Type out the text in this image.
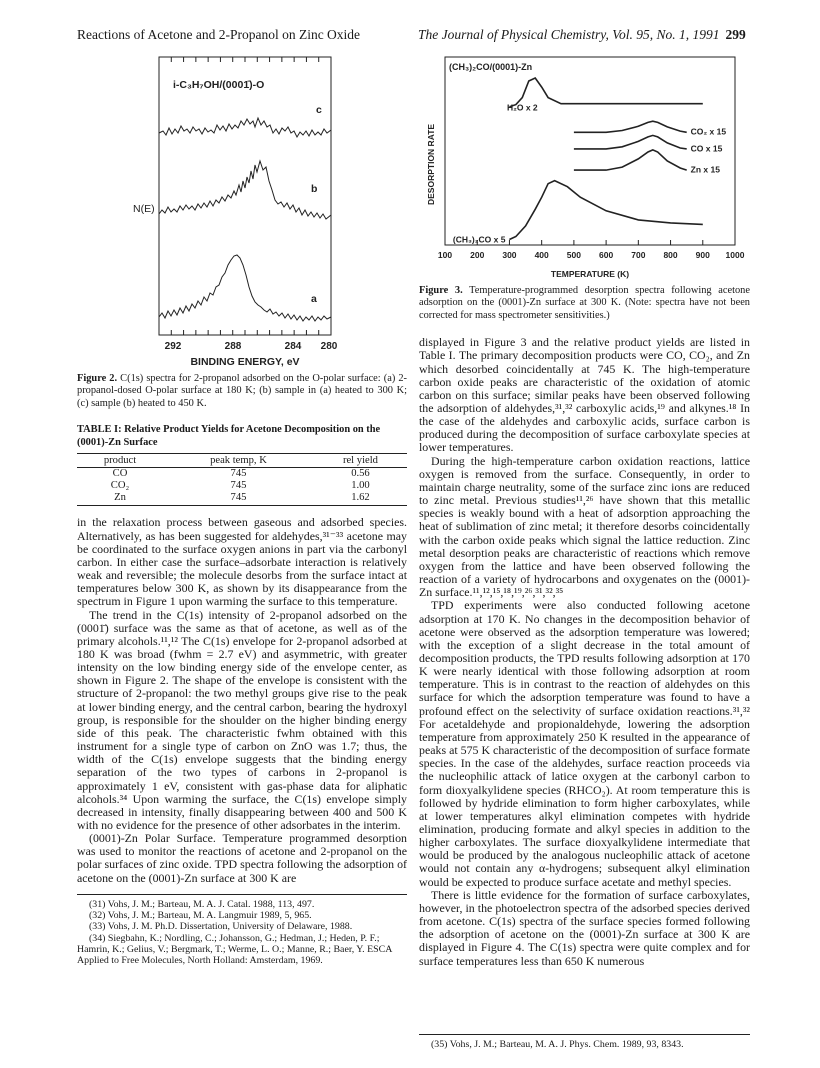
Reactions of Acetone and 2-Propanol on Zinc Oxide	The Journal of Physical Chemistry, Vol. 95, No. 1, 1991 299
i-C₃H₇OH/(0001̄)-O
N(E)
c
b
a
292	288	284 280
BINDING ENERGY, eV
Figure 2. C(1s) spectra for 2-propanol adsorbed on the O-polar surface: (a) 2-propanol-dosed O-polar surface at 180 K; (b) sample in (a) heated to 300 K; (c) sample (b) heated to 450 K.
TABLE I: Relative Product Yields for Acetone Decomposition on the (0001)-Zn Surface
product	peak temp, K	rel yield
CO	745	0.56
CO₂	745	1.00
Zn	745	1.62

in the relaxation process between gaseous and adsorbed species. Alternatively, as has been suggested for aldehydes,³¹⁻³³ acetone may be coordinated to the surface oxygen anions in part via the carbonyl carbon. In either case the surface–adsorbate interaction is relatively weak and reversible; the molecule desorbs from the surface intact at temperatures below 300 K, as shown by its disappearance from the spectrum in Figure 1 upon warming the surface to this temperature.

The trend in the C(1s) intensity of 2-propanol adsorbed on the (0001̄) surface was the same as that of acetone, as well as of the primary alcohols.¹¹,¹² The C(1s) envelope for 2-propanol adsorbed at 180 K was broad (fwhm = 2.7 eV) and asymmetric, with greater intensity on the low binding energy side of the envelope center, as shown in Figure 2. The shape of the envelope is consistent with the structure of 2-propanol: the two methyl groups give rise to the peak at lower binding energy, and the central carbon, bearing the hydroxyl group, is responsible for the shoulder on the higher binding energy side of this peak. The characteristic fwhm obtained with this instrument for a single type of carbon on ZnO was 1.7; thus, the width of the C(1s) envelope suggests that the binding energy separation of the two types of carbons in 2-propanol is approximately 1 eV, consistent with gas-phase data for aliphatic alcohols.³⁴ Upon warming the surface, the C(1s) envelope simply decreased in intensity, finally disappearing between 400 and 500 K with no evidence for the presence of other adsorbates in the interim.

(0001)-Zn Polar Surface. Temperature programmed desorption was used to monitor the reactions of acetone and 2-propanol on the polar surfaces of zinc oxide. TPD spectra following the adsorption of acetone on the (0001)-Zn surface at 300 K are

(31) Vohs, J. M.; Barteau, M. A. J. Catal. 1988, 113, 497.
(32) Vohs, J. M.; Barteau, M. A. Langmuir 1989, 5, 965.
(33) Vohs, J. M. Ph.D. Dissertation, University of Delaware, 1988.
(34) Siegbahn, K.; Nordling, C.; Johansson, G.; Hedman, J.; Heden, P. F.; Hamrin, K.; Gelius, V.; Bergmark, T.; Werme, L. O.; Manne, R.; Baer, Y. ESCA Applied to Free Molecules, North Holland: Amsterdam, 1969.
(CH₃)₂CO/(0001)-Zn
DESORPTION RATE
H₂O x 2
CO₂ x 15
CO x 15
Zn x 15
(CH₃)₂CO x 5
100 200 300 400 500 600 700 800 900 1000
TEMPERATURE (K)
Figure 3. Temperature-programmed desorption spectra following acetone adsorption on the (0001)-Zn surface at 300 K. (Note: spectra have not been corrected for mass spectrometer sensitivities.)

displayed in Figure 3 and the relative product yields are listed in Table I. The primary decomposition products were CO, CO₂, and Zn which desorbed coincidentally at 745 K. The high-temperature carbon oxide peaks are characteristic of the oxidation of atomic carbon on this surface; similar peaks have been observed following the adsorption of aldehydes,³¹,³² carboxylic acids,¹⁹ and alkynes.¹⁸ In the case of the aldehydes and carboxylic acids, surface carbon is produced during the decomposition of surface carboxylate species at lower temperatures.

During the high-temperature carbon oxidation reactions, lattice oxygen is removed from the surface. Consequently, in order to maintain charge neutrality, some of the surface zinc ions are reduced to zinc metal. Previous studies¹¹,²⁶ have shown that this metallic species is weakly bound with a heat of adsorption approaching the heat of sublimation of zinc metal; it therefore desorbs coincidentally with the carbon oxide peaks which signal the lattice reduction. Zinc metal desorption peaks are characteristic of reactions which remove oxygen from the lattice and have been observed following the reaction of a variety of hydrocarbons and oxygenates on the (0001)-Zn surface.¹¹,¹²,¹⁵,¹⁸,¹⁹,²⁶,³¹,³²,³⁵

TPD experiments were also conducted following acetone adsorption at 170 K. No changes in the decomposition behavior of acetone were observed as the adsorption temperature was lowered; with the exception of a slight decrease in the total amount of decomposition products, the TPD results following adsorption at 170 K were nearly identical with those following adsorption at room temperature. This is in contrast to the reaction of aldehydes on this surface for which the adsorption temperature was found to have a profound effect on the selectivity of surface oxidation reactions.³¹,³² For acetaldehyde and propionaldehyde, lowering the adsorption temperature from approximately 250 K resulted in the appearance of peaks at 575 K characteristic of the decomposition of surface formate species. In the case of the aldehydes, surface reaction proceeds via the nucleophilic attack of latice oxygen at the carbonyl carbon to form dioxyalkylidene species (RHCO₂). At room temperature this is followed by hydride elimination to form higher carboxylates, while at lower temperatures alkyl elimination competes with hydride elimination, producing formate and alkyl species in addition to the higher carboxylates. The surface dioxyalkylidene intermediate that would be produced by the analogous nucleophilic attack of acetone would not contain any α-hydrogens; subsequent alkyl elimination would be expected to produce surface acetate and methyl species.

There is little evidence for the formation of surface carboxylates, however, in the photoelectron spectra of the adsorbed species derived from acetone. C(1s) spectra of the surface species formed following the adsorption of acetone on the (0001)-Zn surface at 300 K are displayed in Figure 4. The C(1s) spectra were quite complex and for surface temperatures less than 650 K numerous

(35) Vohs, J. M.; Barteau, M. A. J. Phys. Chem. 1989, 93, 8343.
